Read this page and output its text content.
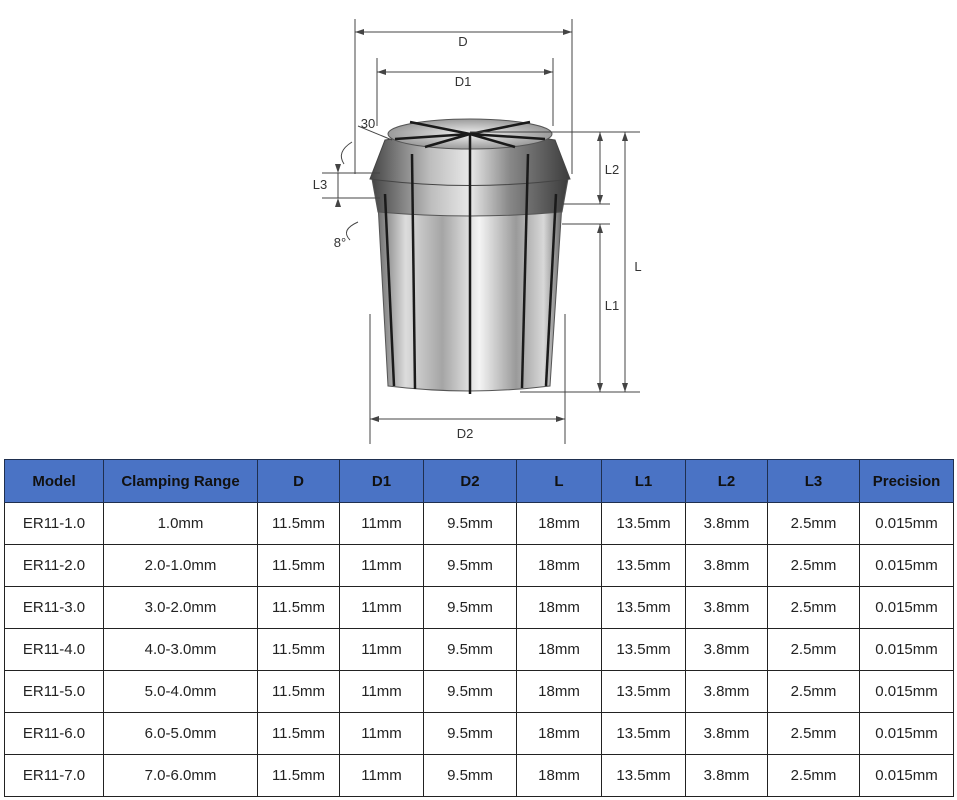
D
D1
D2
L
L1
L2
L3
30
8°
Model	Clamping Range	D	D1	D2	L	L1	L2	L3	Precision
ER11-1.0	1.0mm	11.5mm	11mm	9.5mm	18mm	13.5mm	3.8mm	2.5mm	0.015mm
ER11-2.0	2.0-1.0mm	11.5mm	11mm	9.5mm	18mm	13.5mm	3.8mm	2.5mm	0.015mm
ER11-3.0	3.0-2.0mm	11.5mm	11mm	9.5mm	18mm	13.5mm	3.8mm	2.5mm	0.015mm
ER11-4.0	4.0-3.0mm	11.5mm	11mm	9.5mm	18mm	13.5mm	3.8mm	2.5mm	0.015mm
ER11-5.0	5.0-4.0mm	11.5mm	11mm	9.5mm	18mm	13.5mm	3.8mm	2.5mm	0.015mm
ER11-6.0	6.0-5.0mm	11.5mm	11mm	9.5mm	18mm	13.5mm	3.8mm	2.5mm	0.015mm
ER11-7.0	7.0-6.0mm	11.5mm	11mm	9.5mm	18mm	13.5mm	3.8mm	2.5mm	0.015mm
